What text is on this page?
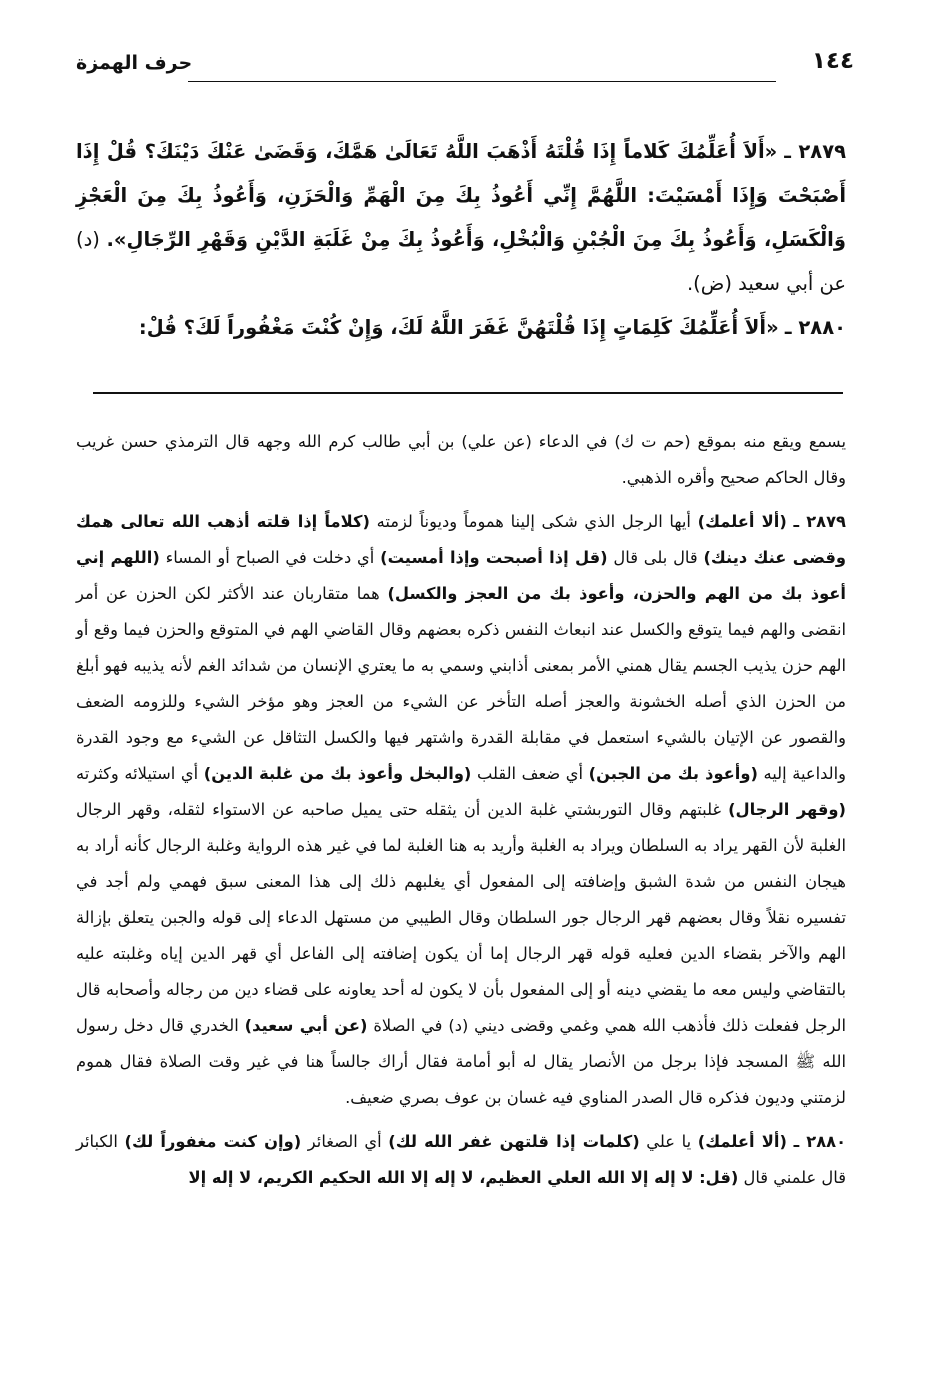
حرف الهمزة	١٤٤

٢٨٧٩ ـ «أَلاَ أُعَلِّمُكَ كَلاماً إِذَا قُلْتَهُ أَذْهَبَ اللَّهُ تَعَالَىٰ هَمَّكَ، وَقَضَىٰ عَنْكَ دَيْنَكَ؟ قُلْ إِذَا أَصْبَحْتَ وَإِذَا أَمْسَيْتَ: اللَّهُمَّ إِنِّي أَعُوذُ بِكَ مِنَ الْهَمِّ وَالْحَزَنِ، وَأَعُوذُ بِكَ مِنَ الْعَجْزِ وَالْكَسَلِ، وَأَعُوذُ بِكَ مِنَ الْجُبْنِ وَالْبُخْلِ، وَأَعُوذُ بِكَ مِنْ غَلَبَةِ الدَّيْنِ وَقَهْرِ الرِّجَالِ». (د) عن أبي سعيد (ض).

٢٨٨٠ ـ «أَلاَ أُعَلِّمُكَ كَلِمَاتٍ إِذَا قُلْتَهُنَّ غَفَرَ اللَّهُ لَكَ، وَإِنْ كُنْتَ مَغْفُوراً لَكَ؟ قُلْ:

يسمع ويقع منه بموقع (حم ت ك) في الدعاء (عن علي) بن أبي طالب كرم الله وجهه قال الترمذي حسن غريب وقال الحاكم صحيح وأقره الذهبي.

٢٨٧٩ ـ (ألا أعلمك) أيها الرجل الذي شكى إلينا هموماً وديوناً لزمته (كلاماً إذا قلته أذهب الله تعالى همك وقضى عنك دينك) قال بلى قال (قل إذا أصبحت وإذا أمسيت) أي دخلت في الصباح أو المساء (اللهم إني أعوذ بك من الهم والحزن، وأعوذ بك من العجز والكسل) هما متقاربان عند الأكثر لكن الحزن عن أمر انقضى والهم فيما يتوقع والكسل عند انبعاث النفس ذكره بعضهم وقال القاضي الهم في المتوقع والحزن فيما وقع أو الهم حزن يذيب الجسم يقال همني الأمر بمعنى أذابني وسمي به ما يعتري الإنسان من شدائد الغم لأنه يذيبه فهو أبلغ من الحزن الذي أصله الخشونة والعجز أصله التأخر عن الشيء من العجز وهو مؤخر الشيء وللزومه الضعف والقصور عن الإتيان بالشيء استعمل في مقابلة القدرة واشتهر فيها والكسل التثاقل عن الشيء مع وجود القدرة والداعية إليه (وأعوذ بك من الجبن) أي ضعف القلب (والبخل وأعوذ بك من غلبة الدين) أي استيلائه وكثرته (وقهر الرجال) غلبتهم وقال التوربشتي غلبة الدين أن يثقله حتى يميل صاحبه عن الاستواء لثقله، وقهر الرجال الغلبة لأن القهر يراد به السلطان ويراد به الغلبة وأريد به هنا الغلبة لما في غير هذه الرواية وغلبة الرجال كأنه أراد به هيجان النفس من شدة الشبق وإضافته إلى المفعول أي يغلبهم ذلك إلى هذا المعنى سبق فهمي ولم أجد في تفسيره نقلاً وقال بعضهم قهر الرجال جور السلطان وقال الطيبي من مستهل الدعاء إلى قوله والجبن يتعلق بإزالة الهم والآخر بقضاء الدين فعليه قوله قهر الرجال إما أن يكون إضافته إلى الفاعل أي قهر الدين إياه وغلبته عليه بالتقاضي وليس معه ما يقضي دينه أو إلى المفعول بأن لا يكون له أحد يعاونه على قضاء دين من رجاله وأصحابه قال الرجل ففعلت ذلك فأذهب الله همي وغمي وقضى ديني (د) في الصلاة (عن أبي سعيد) الخدري قال دخل رسول الله ﷺ المسجد فإذا برجل من الأنصار يقال له أبو أمامة فقال أراك جالساً هنا في غير وقت الصلاة فقال هموم لزمتني وديون فذكره قال الصدر المناوي فيه غسان بن عوف بصري ضعيف.

٢٨٨٠ ـ (ألا أعلمك) يا علي (كلمات إذا قلتهن غفر الله لك) أي الصغائر (وإن كنت مغفوراً لك) الكبائر قال علمني قال (قل: لا إله إلا الله العلي العظيم، لا إله إلا الله الحكيم الكريم، لا إله إلا
